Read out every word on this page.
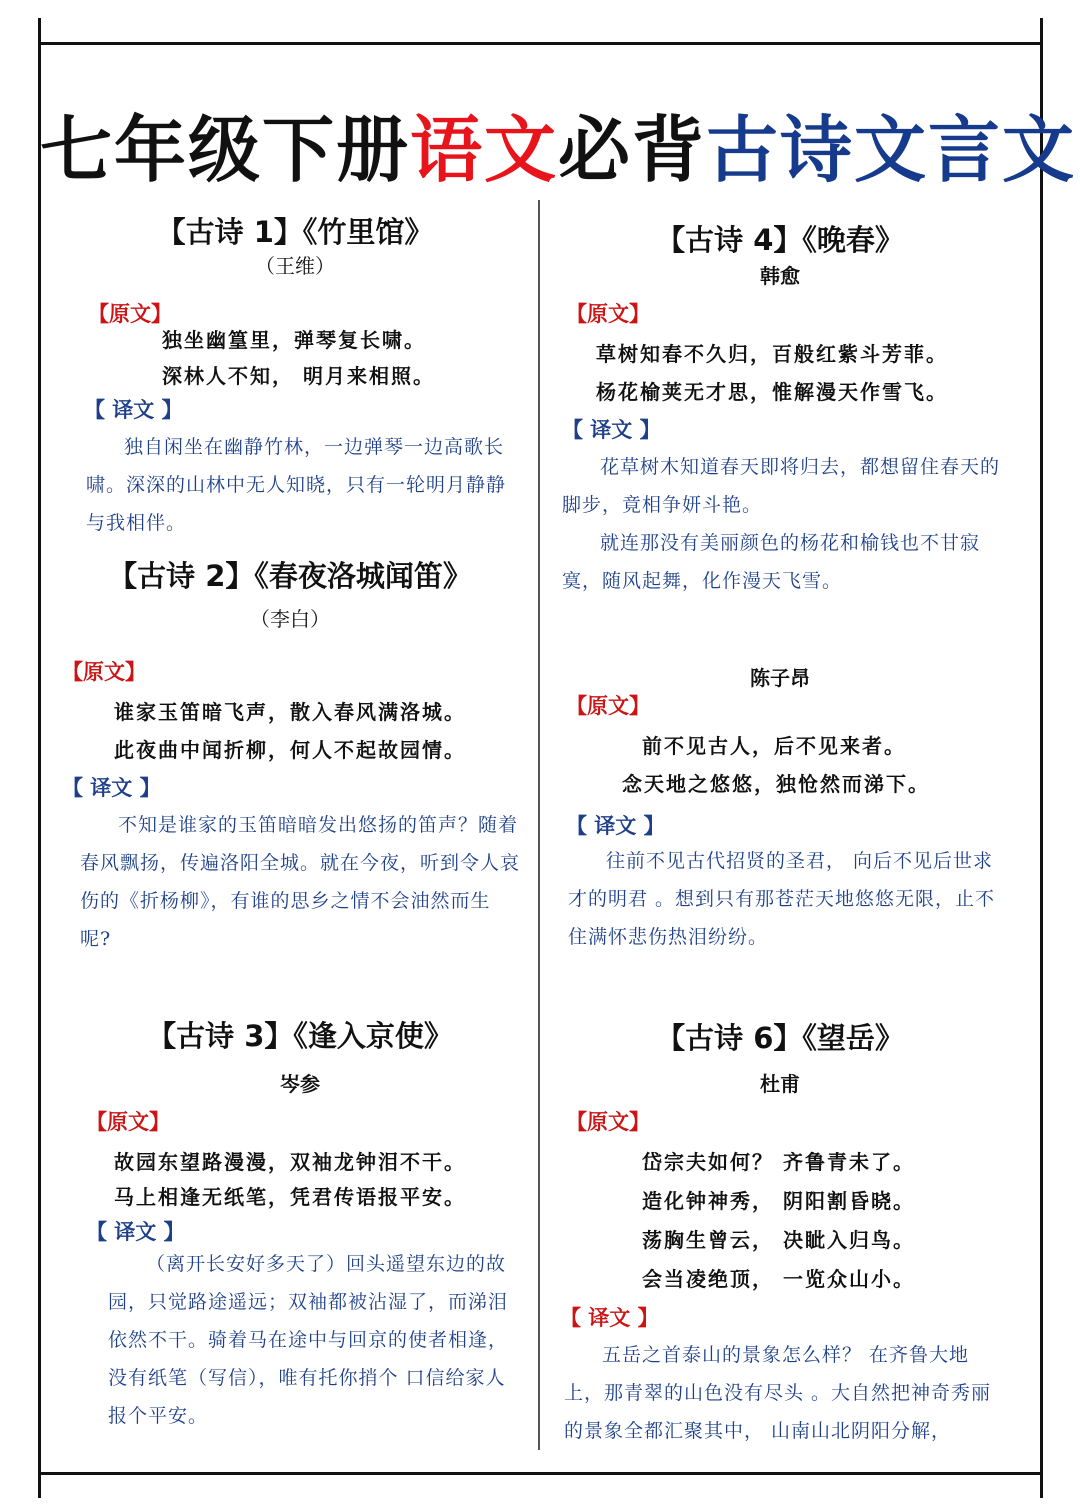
七年级下册语文必背古诗文言文
【古诗 1】《竹里馆》
（王维）
【原文】
独坐幽篁里，弹琴复长啸。
深林人不知， 明月来相照。
【 译文 】

独自闲坐在幽静竹林，一边弹琴一边高歌长啸。深深的山林中无人知晓，只有一轮明月静静与我相伴。

【古诗 2】《春夜洛城闻笛》
（李白）
【原文】
谁家玉笛暗飞声，散入春风满洛城。
此夜曲中闻折柳，何人不起故园情。
【 译文 】

不知是谁家的玉笛暗暗发出悠扬的笛声？随着春风飘扬，传遍洛阳全城。就在今夜，听到令人哀伤的《折杨柳》，有谁的思乡之情不会油然而生呢?

【古诗 3】《逢入京使》
岑参
【原文】
故园东望路漫漫，双袖龙钟泪不干。
马上相逢无纸笔，凭君传语报平安。
【 译文 】

（离开长安好多天了）回头遥望东边的故园，只觉路途遥远；双袖都被沾湿了，而涕泪依然不干。骑着马在途中与回京的使者相逢，没有纸笔（写信），唯有托你捎个 口信给家人报个平安。

【古诗 4】《晚春》
韩愈
【原文】
草树知春不久归，百般红紫斗芳菲。
杨花榆荚无才思，惟解漫天作雪飞。
【 译文 】

花草树木知道春天即将归去，都想留住春天的脚步，竟相争妍斗艳。

就连那没有美丽颜色的杨花和榆钱也不甘寂寞，随风起舞，化作漫天飞雪。

陈子昂
【原文】
前不见古人，后不见来者。
念天地之悠悠，独怆然而涕下。
【 译文 】

往前不见古代招贤的圣君， 向后不见后世求才的明君 。想到只有那苍茫天地悠悠无限，止不住满怀悲伤热泪纷纷。

【古诗 6】《望岳》
杜甫
【原文】
岱宗夫如何？ 齐鲁青未了。
造化钟神秀， 阴阳割昏晓。
荡胸生曾云， 决眦入归鸟。
会当凌绝顶， 一览众山小。
【 译文 】

五岳之首泰山的景象怎么样？ 在齐鲁大地上，那青翠的山色没有尽头 。大自然把神奇秀丽的景象全都汇聚其中， 山南山北阴阳分解，
